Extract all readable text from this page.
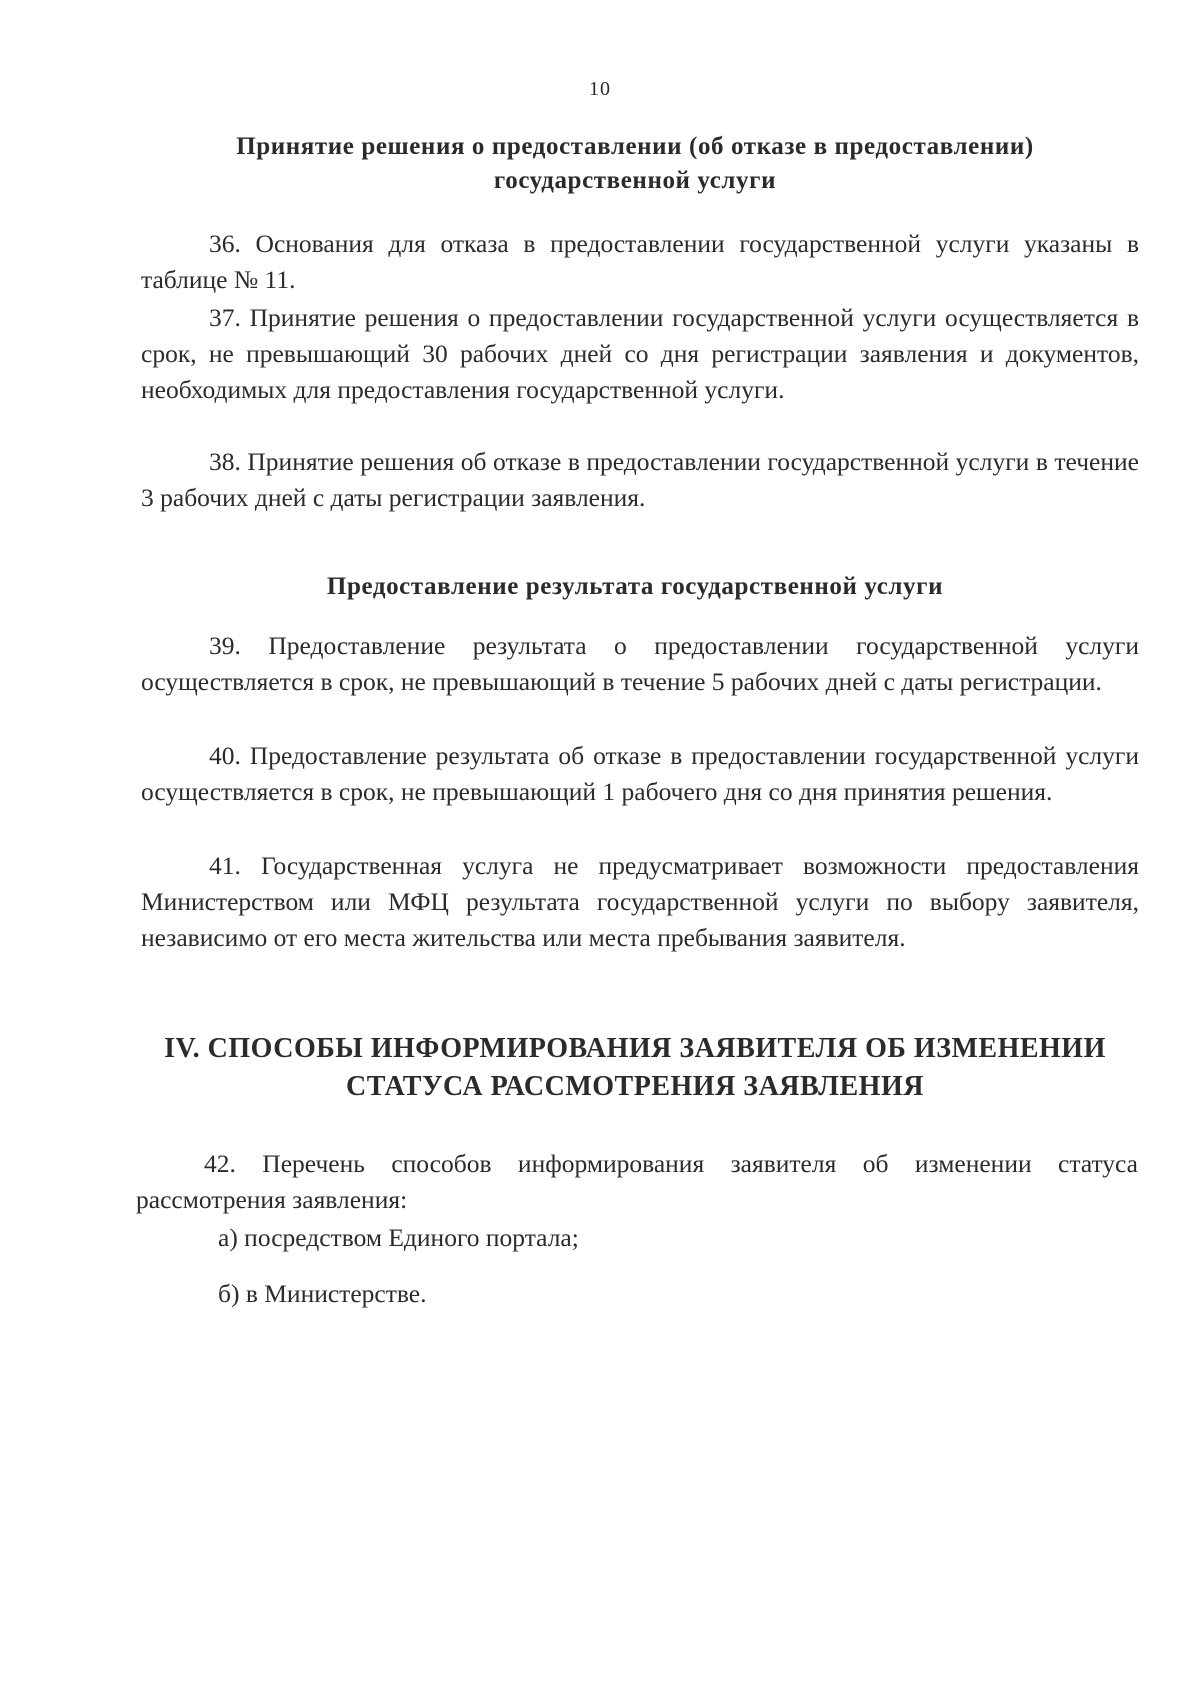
10
Принятие решения о предоставлении (об отказе в предоставлении)
государственной услуги

36. Основания для отказа в предоставлении государственной услуги указаны в таблице № 11.

37. Принятие решения о предоставлении государственной услуги осуществляется в срок, не превышающий 30 рабочих дней со дня регистрации заявления и документов, необходимых для предоставления государственной услуги.

38. Принятие решения об отказе в предоставлении государственной услуги в течение 3 рабочих дней с даты регистрации заявления.

Предоставление результата государственной услуги

39. Предоставление результата о предоставлении государственной услуги осуществляется в срок, не превышающий в течение 5 рабочих дней с даты регистрации.

40. Предоставление результата об отказе в предоставлении государственной услуги осуществляется в срок, не превышающий 1 рабочего дня со дня принятия решения.

41. Государственная услуга не предусматривает возможности предоставления Министерством или МФЦ результата государственной услуги по выбору заявителя, независимо от его места жительства или места пребывания заявителя.

IV. СПОСОБЫ ИНФОРМИРОВАНИЯ ЗАЯВИТЕЛЯ ОБ ИЗМЕНЕНИИ
СТАТУСА РАССМОТРЕНИЯ ЗАЯВЛЕНИЯ

42. Перечень способов информирования заявителя об изменении статуса рассмотрения заявления:

а) посредством Единого портала;

б) в Министерстве.
